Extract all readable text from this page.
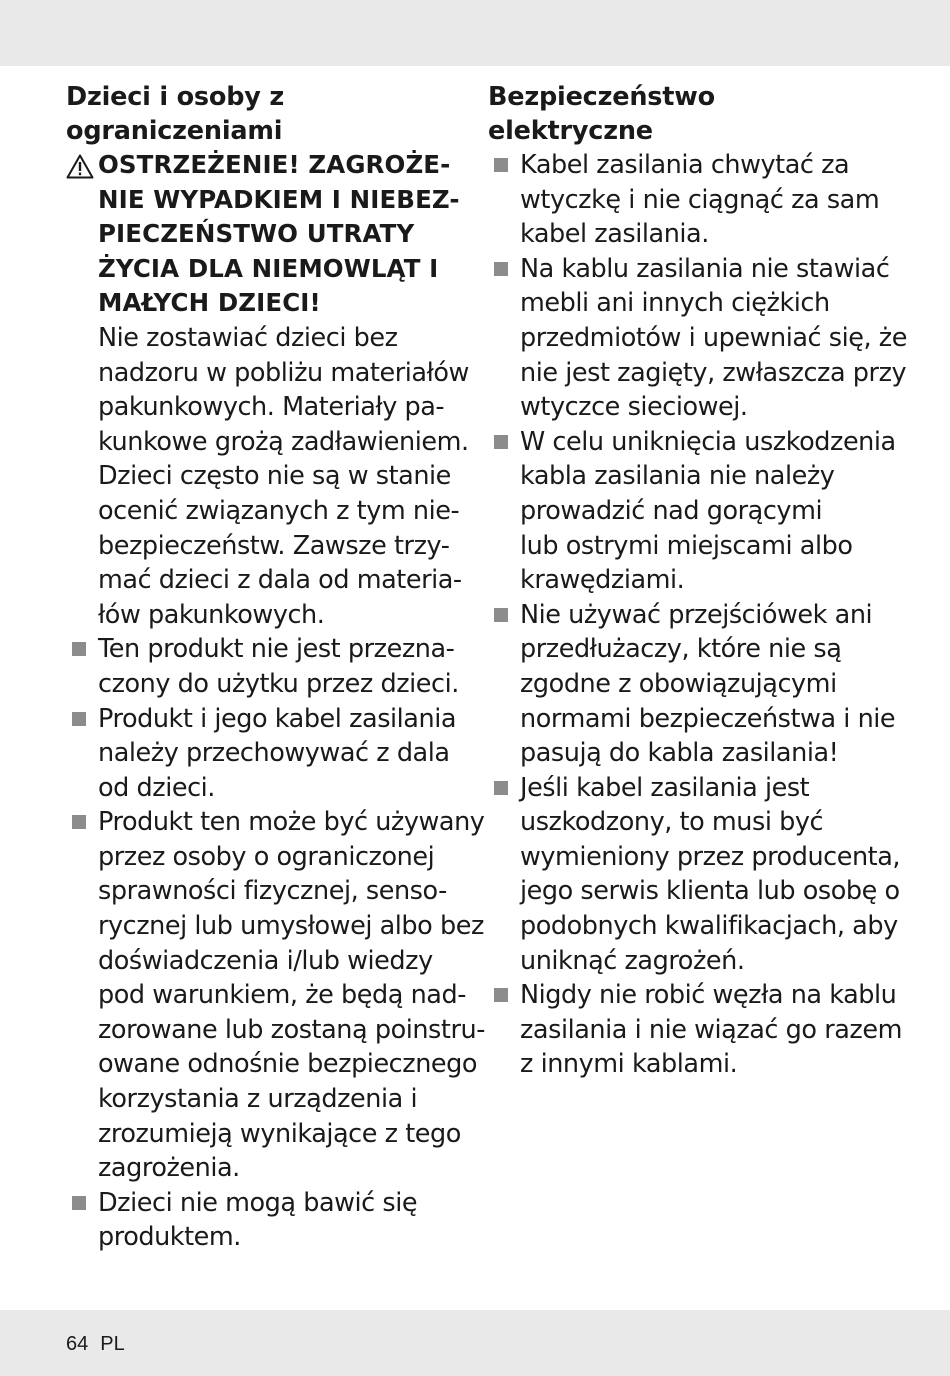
Dzieci i osoby z
ograniczeniami
OSTRZEŻENIE! ZAGROŻE-
NIE WYPADKIEM I NIEBEZ-
PIECZEŃSTWO UTRATY
ŻYCIA DLA NIEMOWLĄT I
MAŁYCH DZIECI!
Nie zostawiać dzieci bez
nadzoru w pobliżu materiałów
pakunkowych. Materiały pa-
kunkowe grożą zadławieniem.
Dzieci często nie są w stanie
ocenić związanych z tym nie-
bezpieczeństw. Zawsze trzy-
mać dzieci z dala od materia-
łów pakunkowych.
Ten produkt nie jest przezna-
czony do użytku przez dzieci.
Produkt i jego kabel zasilania
należy przechowywać z dala
od dzieci.
Produkt ten może być używany
przez osoby o ograniczonej
sprawności fizycznej, senso-
rycznej lub umysłowej albo bez
doświadczenia i/lub wiedzy
pod warunkiem, że będą nad-
zorowane lub zostaną poinstru-
owane odnośnie bezpiecznego
korzystania z urządzenia i
zrozumieją wynikające z tego
zagrożenia.
Dzieci nie mogą bawić się
produktem.
Bezpieczeństwo
elektryczne
Kabel zasilania chwytać za
wtyczkę i nie ciągnąć za sam
kabel zasilania.
Na kablu zasilania nie stawiać
mebli ani innych ciężkich
przedmiotów i upewniać się, że
nie jest zagięty, zwłaszcza przy
wtyczce sieciowej.
W celu uniknięcia uszkodzenia
kabla zasilania nie należy
prowadzić nad gorącymi
lub ostrymi miejscami albo
krawędziami.
Nie używać przejściówek ani
przedłużaczy, które nie są
zgodne z obowiązującymi
normami bezpieczeństwa i nie
pasują do kabla zasilania!
Jeśli kabel zasilania jest
uszkodzony, to musi być
wymieniony przez producenta,
jego serwis klienta lub osobę o
podobnych kwalifikacjach, aby
uniknąć zagrożeń.
Nigdy nie robić węzła na kablu
zasilania i nie wiązać go razem
z innymi kablami.
64 PL
